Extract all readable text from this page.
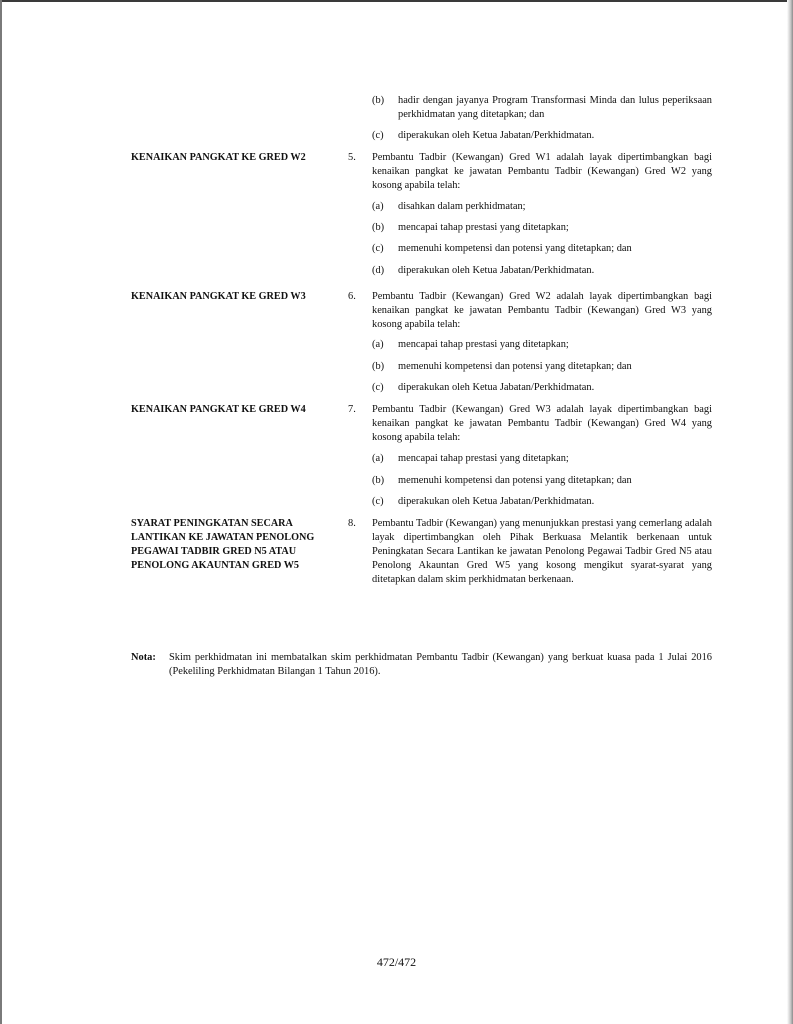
(b)	hadir dengan jayanya Program Transformasi Minda dan lulus peperiksaan perkhidmatan yang ditetapkan; dan
(c)	diperakukan oleh Ketua Jabatan/Perkhidmatan.
KENAIKAN PANGKAT KE GRED W2	5.	Pembantu Tadbir (Kewangan) Gred W1 adalah layak dipertimbangkan bagi kenaikan pangkat ke jawatan Pembantu Tadbir (Kewangan) Gred W2 yang kosong apabila telah:
(a)	disahkan dalam perkhidmatan;
(b)	mencapai tahap prestasi yang ditetapkan;
(c)	memenuhi kompetensi dan potensi yang ditetapkan; dan
(d)	diperakukan oleh Ketua Jabatan/Perkhidmatan.
KENAIKAN PANGKAT KE GRED W3	6.	Pembantu Tadbir (Kewangan) Gred W2 adalah layak dipertimbangkan bagi kenaikan pangkat ke jawatan Pembantu Tadbir (Kewangan) Gred W3 yang kosong apabila telah:
(a)	mencapai tahap prestasi yang ditetapkan;
(b)	memenuhi kompetensi dan potensi yang ditetapkan; dan
(c)	diperakukan oleh Ketua Jabatan/Perkhidmatan.
KENAIKAN PANGKAT KE GRED W4	7.	Pembantu Tadbir (Kewangan) Gred W3 adalah layak dipertimbangkan bagi kenaikan pangkat ke jawatan Pembantu Tadbir (Kewangan) Gred W4 yang kosong apabila telah:
(a)	mencapai tahap prestasi yang ditetapkan;
(b)	memenuhi kompetensi dan potensi yang ditetapkan; dan
(c)	diperakukan oleh Ketua Jabatan/Perkhidmatan.
SYARAT PENINGKATAN SECARA LANTIKAN KE JAWATAN PENOLONG PEGAWAI TADBIR GRED N5 ATAU PENOLONG AKAUNTAN GRED W5
8.	Pembantu Tadbir (Kewangan) yang menunjukkan prestasi yang cemerlang adalah layak dipertimbangkan oleh Pihak Berkuasa Melantik berkenaan untuk Peningkatan Secara Lantikan ke jawatan Penolong Pegawai Tadbir Gred N5 atau Penolong Akauntan Gred W5 yang kosong mengikut syarat-syarat yang ditetapkan dalam skim perkhidmatan berkenaan.
Nota: Skim perkhidmatan ini membatalkan skim perkhidmatan Pembantu Tadbir (Kewangan) yang berkuat kuasa pada 1 Julai 2016 (Pekeliling Perkhidmatan Bilangan 1 Tahun 2016).
472/472
